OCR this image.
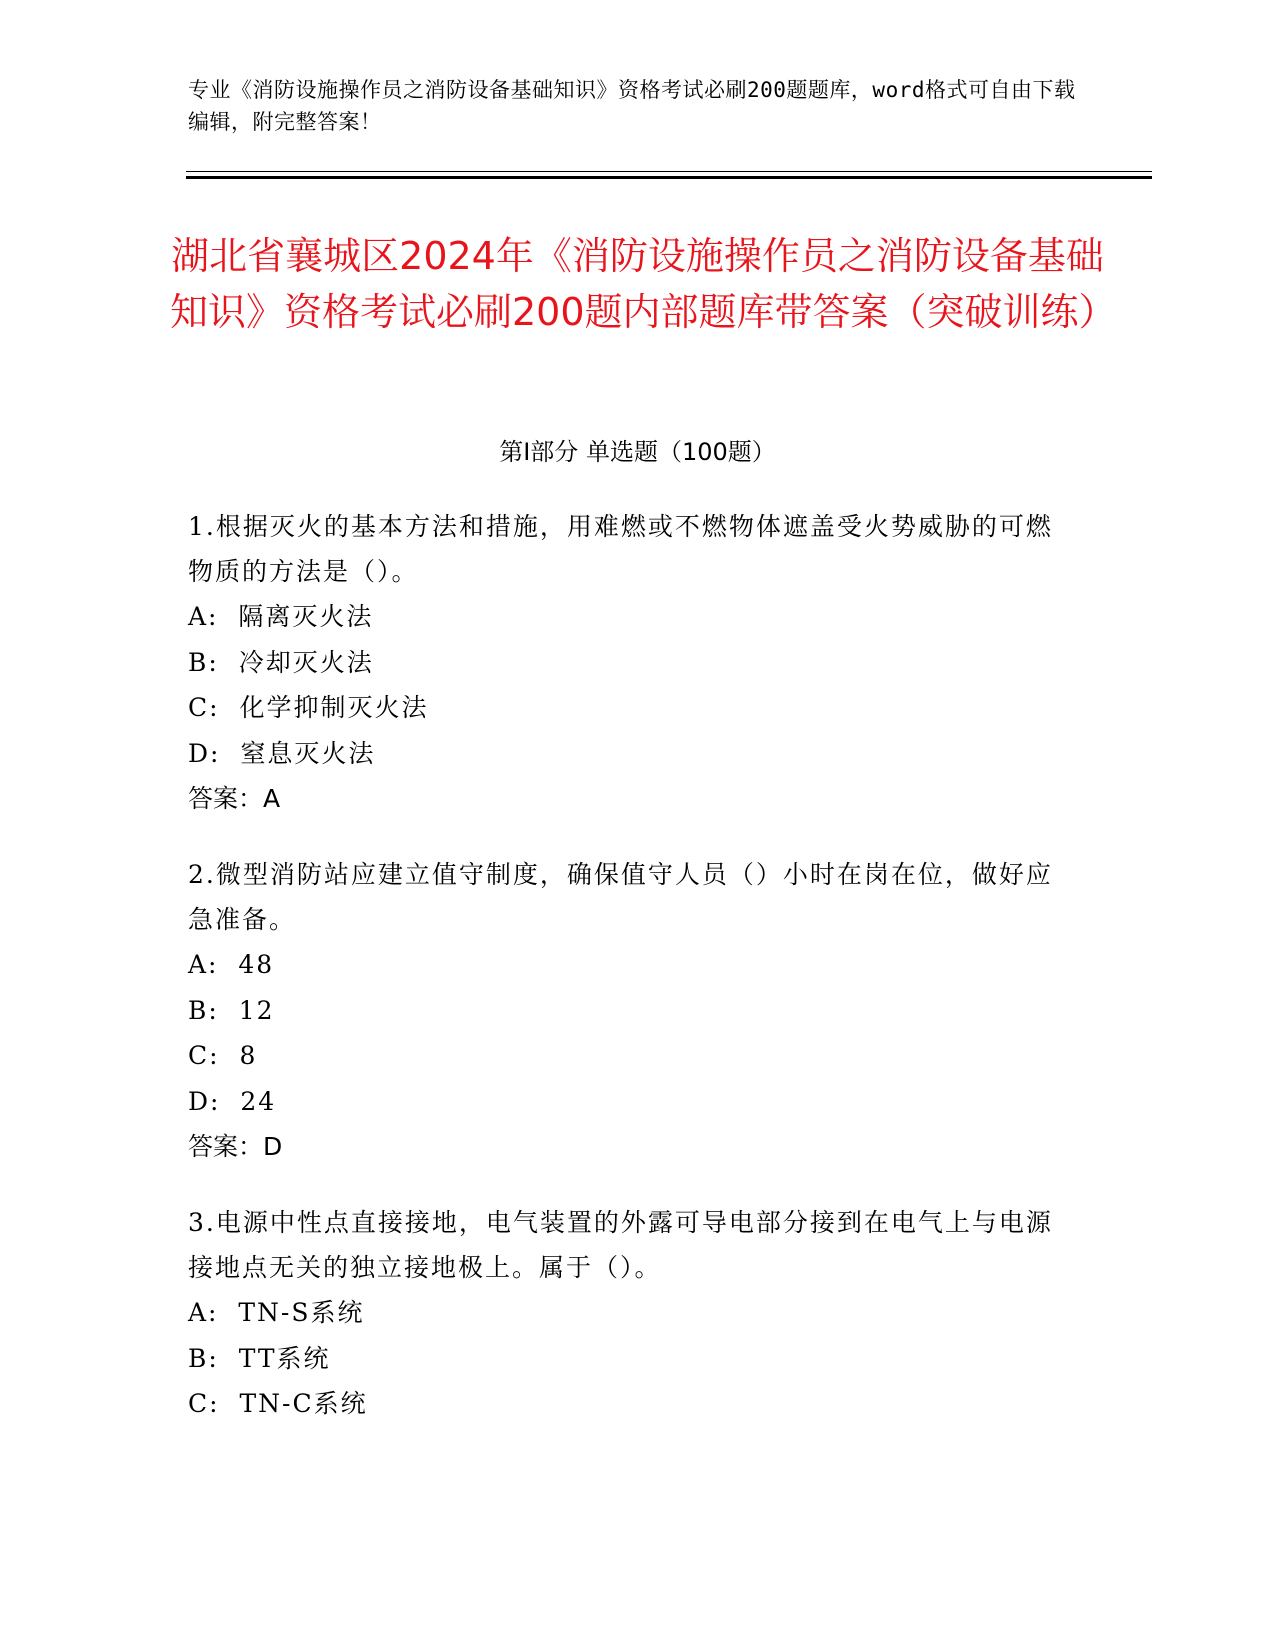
专业《消防设施操作员之消防设备基础知识》资格考试必刷200题题库，word格式可自由下载编辑，附完整答案！
湖北省襄城区2024年《消防设施操作员之消防设备基础知识》资格考试必刷200题内部题库带答案（突破训练）
第Ⅰ部分 单选题（100题）
1.根据灭火的基本方法和措施，用难燃或不燃物体遮盖受火势威胁的可燃物质的方法是（）。
A:  隔离灭火法
B:  冷却灭火法
C:  化学抑制灭火法
D:  窒息灭火法
答案：A
2.微型消防站应建立值守制度，确保值守人员（）小时在岗在位，做好应急准备。
A:  48
B:  12
C:  8
D:  24
答案：D
3.电源中性点直接接地，电气装置的外露可导电部分接到在电气上与电源接地点无关的独立接地极上。属于（）。
A:  TN-S系统
B:  TT系统
C:  TN-C系统
